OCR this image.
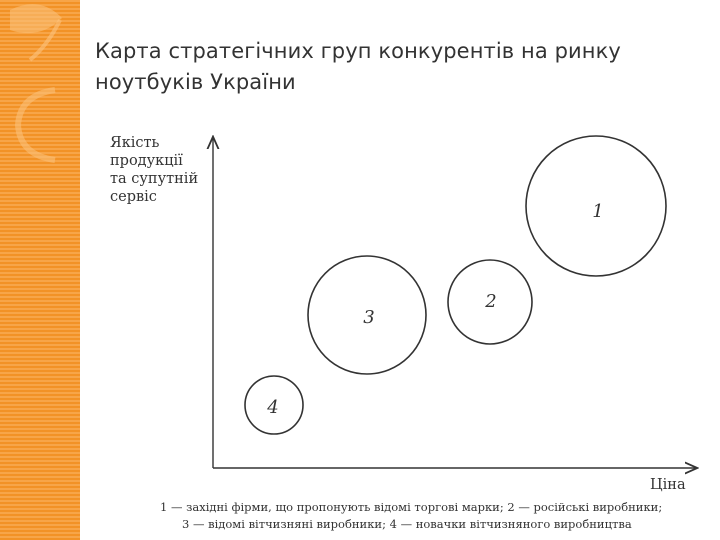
Карта стратегічних груп конкурентів на ринку
ноутбуків України
1
2
3
4
Якість
продукції
та супутній
сервіс
Ціна
1 — західні фірми, що пропонують відомі торгові марки; 2 — російські виробники;
3 — відомі вітчизняні виробники; 4 — новачки вітчизняного виробництва
